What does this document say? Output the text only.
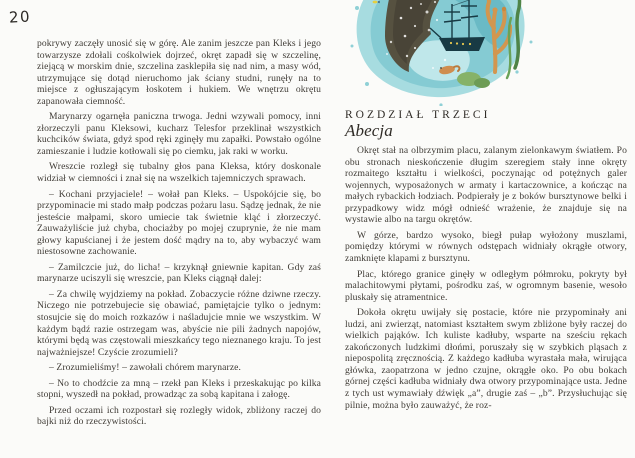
20

pokrywy zaczęły unosić się w górę. Ale zanim jeszcze pan Kleks i jego towarzysze zdołali cośkolwiek dojrzeć, okręt zapadł się w szczelinę, ziejącą w morskim dnie, szczelina zasklepiła się nad nim, a masy wód, utrzymujące się dotąd nieruchomo jak ściany studni, runęły na to miejsce z ogłuszającym łoskotem i hukiem. We wnętrzu okrętu zapanowała ciemność.

Marynarzy ogarnęła paniczna trwoga. Jedni wzywali pomocy, inni złorzeczyli panu Kleksowi, kucharz Telesfor przeklinał wszystkich kuchcików świata, gdyż spod ręki zginęły mu zapałki. Powstało ogólne zamieszanie i ludzie kotłowali się po ciemku, jak raki w worku.

Wreszcie rozległ się tubalny głos pana Kleksa, który doskonale widział w ciemności i znał się na wszelkich tajemniczych sprawach.

– Kochani przyjaciele! – wołał pan Kleks. – Uspokójcie się, bo przypominacie mi stado małp podczas pożaru lasu. Sądzę jednak, że nie jesteście małpami, skoro umiecie tak świetnie kląć i złorzeczyć. Zauważyliście już chyba, chociażby po mojej czuprynie, że nie mam głowy kapuścianej i że jestem dość mądry na to, aby wybaczyć wam niestosowne zachowanie.

– Zamilczcie już, do licha! – krzyknął gniewnie kapitan. Gdy zaś marynarze uciszyli się wreszcie, pan Kleks ciągnął dalej:

– Za chwilę wyjdziemy na pokład. Zobaczycie różne dziwne rzeczy. Niczego nie potrzebujecie się obawiać, pamiętajcie tylko o jednym: stosujcie się do moich rozkazów i naśladujcie mnie we wszystkim. W każdym bądź razie ostrzegam was, abyście nie pili żadnych napojów, którymi będą was częstowali mieszkańcy tego nieznanego kraju. To jest najważniejsze! Czyście zrozumieli?

– Zrozumieliśmy! – zawołali chórem marynarze.

– No to chodźcie za mną – rzekł pan Kleks i przeskakując po kilka stopni, wyszedł na pokład, prowadząc za sobą kapitana i załogę.

Przed oczami ich rozpostarł się rozległy widok, zbliżony raczej do bajki niż do rzeczywistości.

ROZDZIAŁ TRZECI
Abecja

Okręt stał na olbrzymim placu, zalanym zielonkawym światłem. Po obu stronach nieskończenie długim szeregiem stały inne okręty rozmaitego kształtu i wielkości, poczynając od potężnych galer wojennych, wyposażonych w armaty i kartaczownice, a kończąc na małych rybackich łodziach. Podpierały je z boków bursztynowe belki i przypadkowy widz mógł odnieść wrażenie, że znajduje się na wystawie albo na targu okrętów.

W górze, bardzo wysoko, biegł pułap wyłożony muszlami, pomiędzy którymi w równych odstępach widniały okrągłe otwory, zamknięte klapami z bursztynu.

Plac, którego granice ginęły w odległym półmroku, pokryty był malachitowymi płytami, pośrodku zaś, w ogromnym basenie, wesoło pluskały się atramentnice.

Dokoła okrętu uwijały się postacie, które nie przypominały ani ludzi, ani zwierząt, natomiast kształtem swym zbliżone były raczej do wielkich pająków. Ich kuliste kadłuby, wsparte na sześciu rękach zakończonych ludzkimi dłońmi, poruszały się w szybkich pląsach z niepospolitą zręcznością. Z każdego kadłuba wyrastała mała, wirująca główka, zaopatrzona w jedno czujne, okrągłe oko. Po obu bokach górnej części kadłuba widniały dwa otwory przypominające usta. Jedne z tych ust wymawiały dźwięk „a”, drugie zaś – „b”. Przysłuchując się pilnie, można było zauważyć, że roz-
